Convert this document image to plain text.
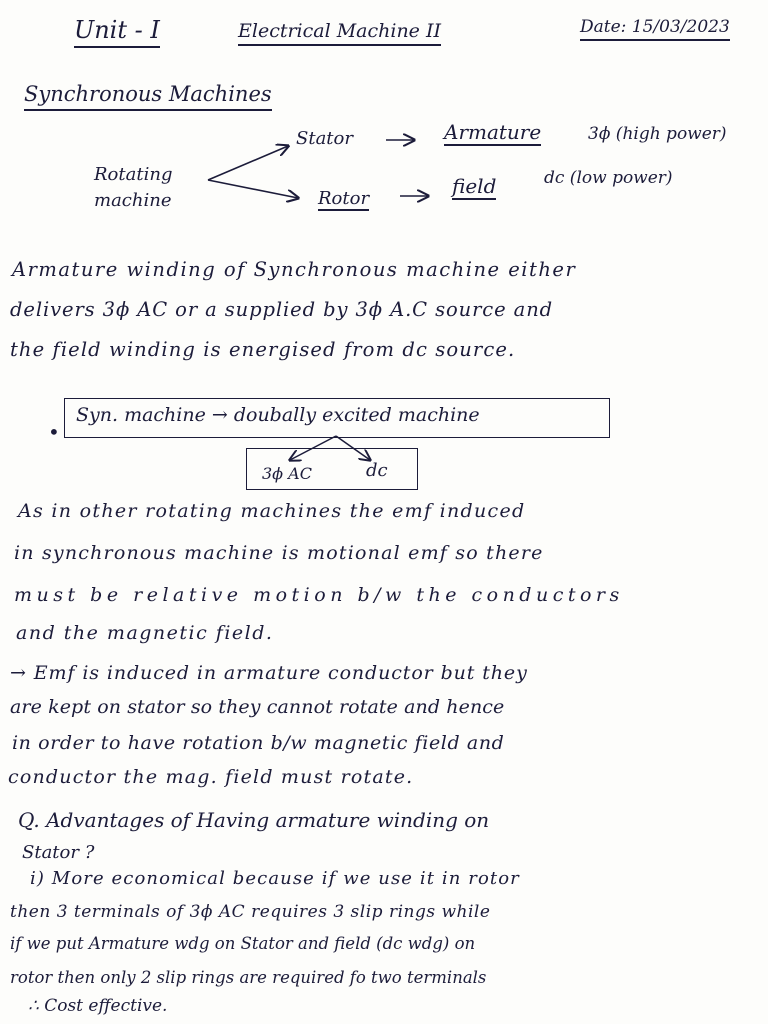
Unit - I	Electrical Machine II	Date: 15/03/2023
Synchronous Machines
Rotating machine
Stator	Armature	3ϕ (high power)
Rotor
field	dc (low power)
Armature winding of Synchronous machine either
delivers 3ϕ AC or a supplied by 3ϕ A.C source and
the field winding is energised from dc source.
•
Syn. machine → doubally excited machine
3ϕ AC	dc
As in other rotating machines the emf induced
in synchronous machine is motional emf so there
must be relative motion b/w the conductors
and the magnetic field.
→ Emf is induced in armature conductor but they
are kept on stator so they cannot rotate and hence
in order to have rotation b/w magnetic field and
conductor the mag. field must rotate.
Q. Advantages of Having armature winding on
Stator ?
i) More economical because if we use it in rotor
then 3 terminals of 3ϕ AC requires 3 slip rings while
if we put Armature wdg on Stator and field (dc wdg) on
rotor then only 2 slip rings are required fo two terminals
∴ Cost effective.
